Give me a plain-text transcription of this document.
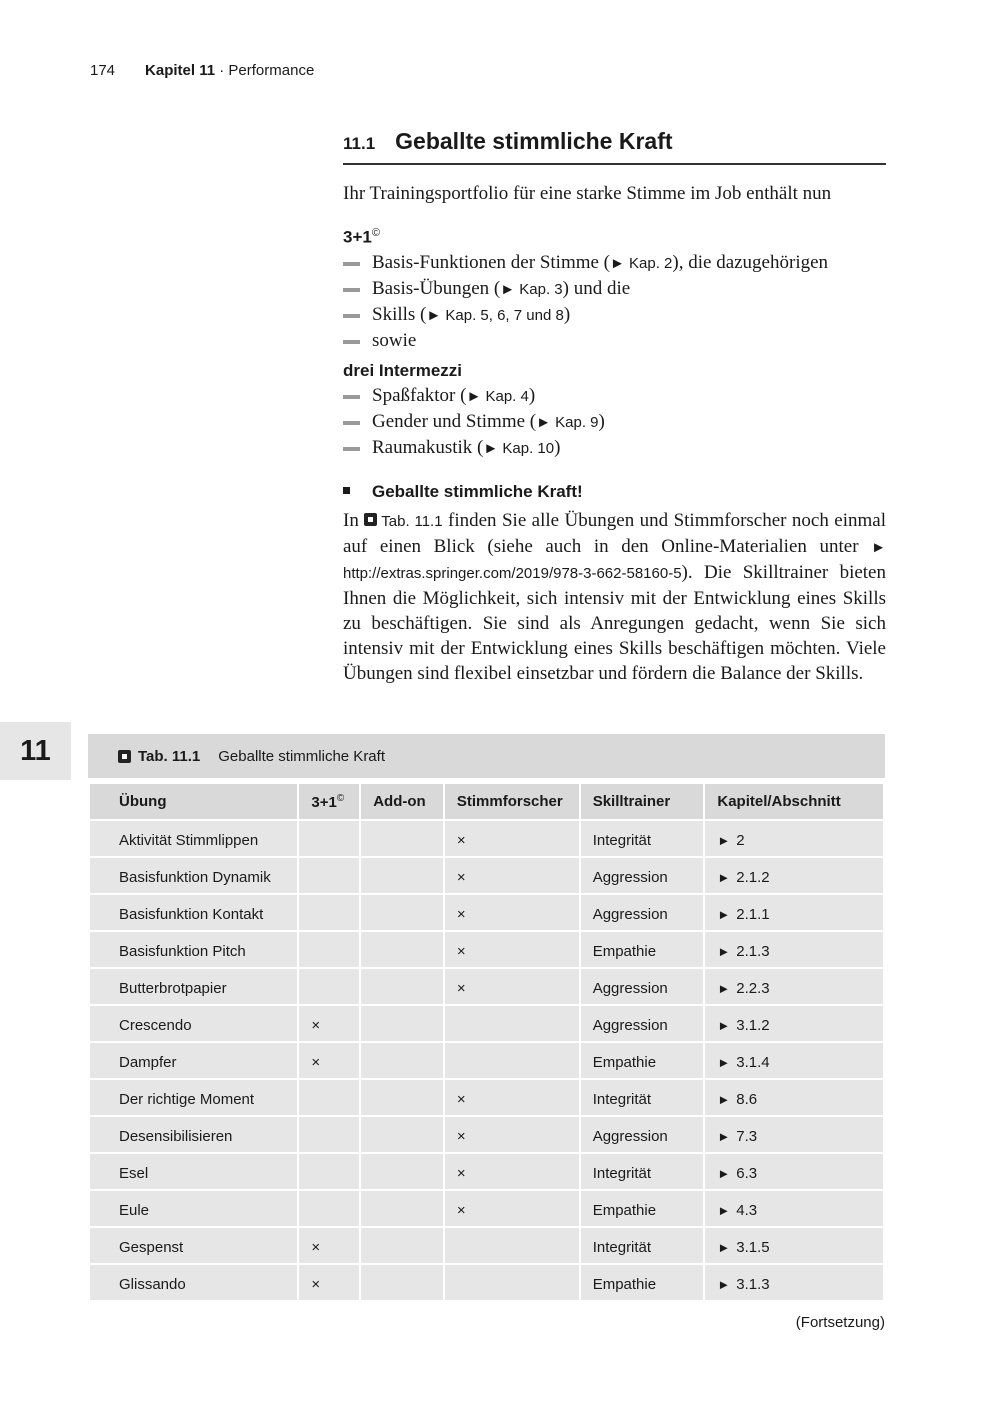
174 Kapitel 11 · Performance
11
11.1 Geballte stimmliche Kraft
Ihr Trainingsportfolio für eine starke Stimme im Job enthält nun
3+1©
Basis-Funktionen der Stimme (► Kap. 2), die dazugehörigen
Basis-Übungen (► Kap. 3) und die
Skills (► Kap. 5, 6, 7 und 8)
sowie
drei Intermezzi
Spaßfaktor (► Kap. 4)
Gender und Stimme (► Kap. 9)
Raumakustik (► Kap. 10)
Geballte stimmliche Kraft!
In Tab. 11.1 finden Sie alle Übungen und Stimmforscher noch einmal auf einen Blick (siehe auch in den Online-Materialien unter ► http://extras.springer.com/2019/978-3-662-58160-5). Die Skilltrainer bieten Ihnen die Möglichkeit, sich intensiv mit der Entwicklung eines Skills zu beschäftigen. Sie sind als Anregungen gedacht, wenn Sie sich intensiv mit der Entwicklung eines Skills beschäftigen möchten. Viele Übungen sind flexibel einsetzbar und fördern die Balance der Skills.
Tab. 11.1 Geballte stimmliche Kraft
Übung	3+1©	Add-on	Stimmforscher	Skilltrainer	Kapitel/Abschnitt
Aktivität Stimmlippen			×	Integrität	► 2
Basisfunktion Dynamik			×	Aggression	► 2.1.2
Basisfunktion Kontakt			×	Aggression	► 2.1.1
Basisfunktion Pitch			×	Empathie	► 2.1.3
Butterbrotpapier			×	Aggression	► 2.2.3
Crescendo	×			Aggression	► 3.1.2
Dampfer	×			Empathie	► 3.1.4
Der richtige Moment			×	Integrität	► 8.6
Desensibilisieren			×	Aggression	► 7.3
Esel			×	Integrität	► 6.3
Eule			×	Empathie	► 4.3
Gespenst	×			Integrität	► 3.1.5
Glissando	×			Empathie	► 3.1.3
(Fortsetzung)
